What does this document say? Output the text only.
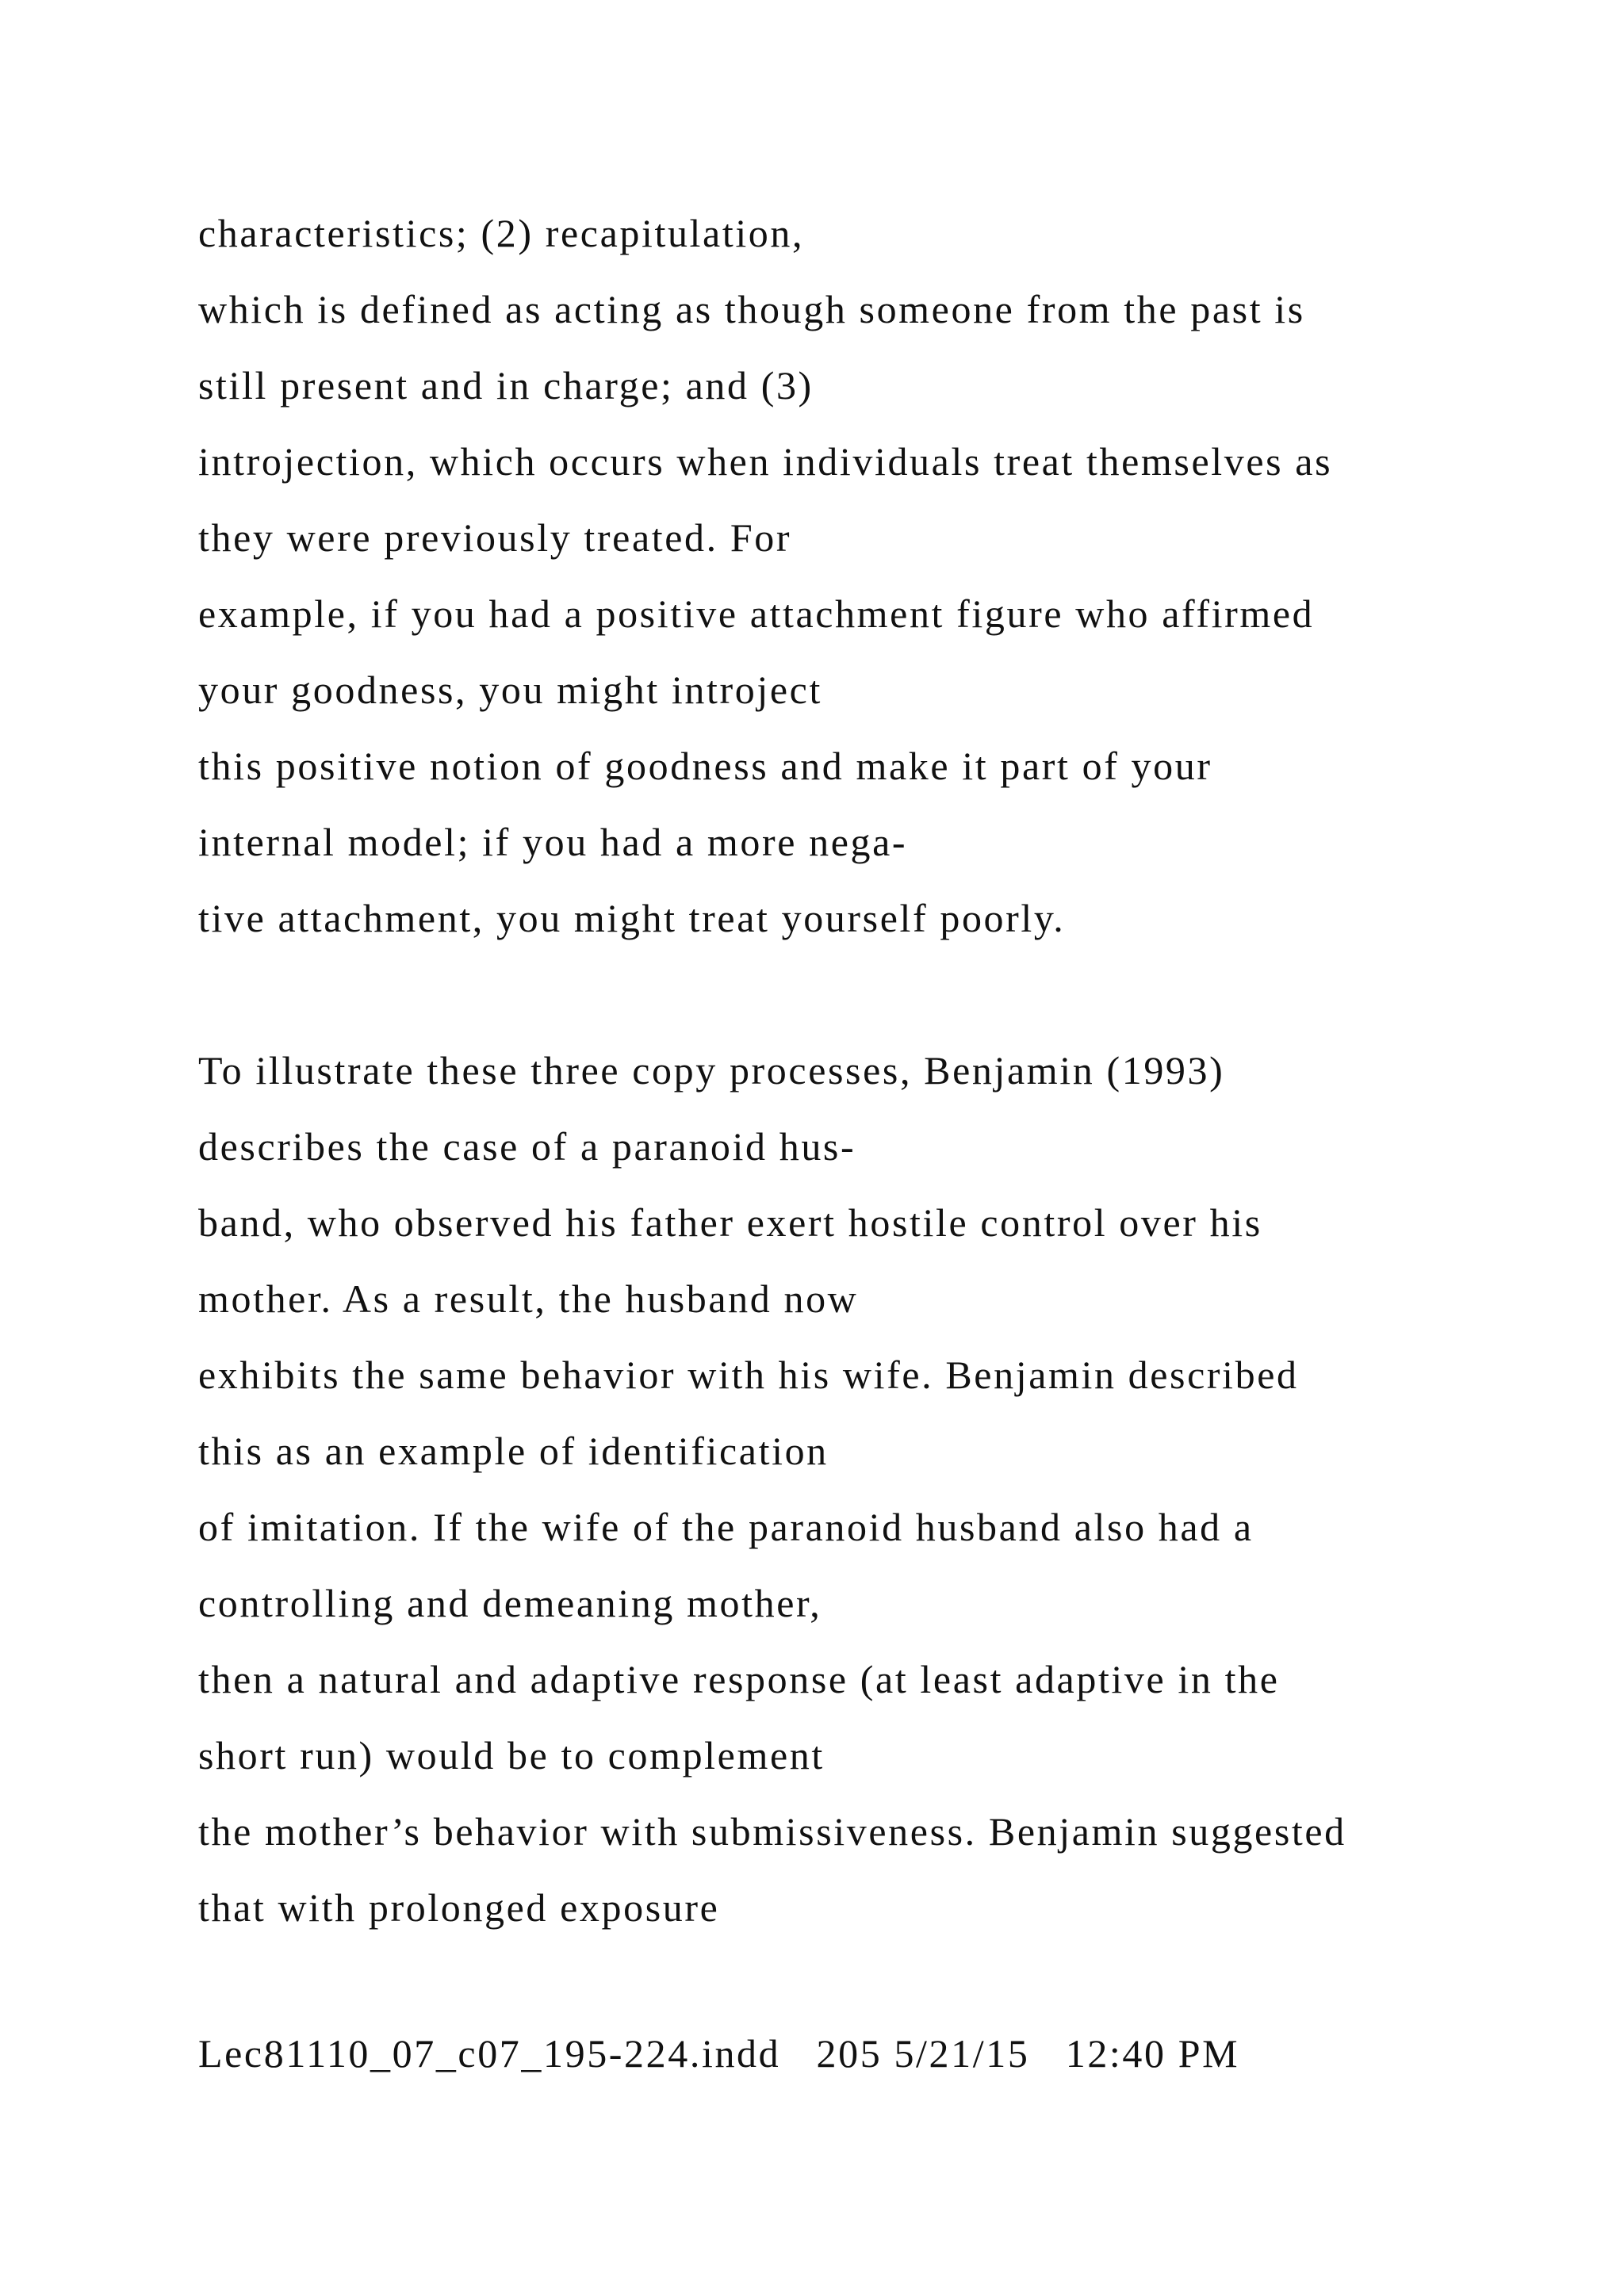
characteristics; (2) recapitulation,
which is defined as acting as though someone from the past is
still present and in charge; and (3)
introjection, which occurs when individuals treat themselves as
they were previously treated. For
example, if you had a positive attachment figure who affirmed
your goodness, you might introject
this positive notion of goodness and make it part of your
internal model; if you had a more nega-
tive attachment, you might treat yourself poorly.
To illustrate these three copy processes, Benjamin (1993)
describes the case of a paranoid hus-
band, who observed his father exert hostile control over his
mother. As a result, the husband now
exhibits the same behavior with his wife. Benjamin described
this as an example of identification
of imitation. If the wife of the paranoid husband also had a
controlling and demeaning mother,
then a natural and adaptive response (at least adaptive in the
short run) would be to complement
the mother’s behavior with submissiveness. Benjamin suggested
that with prolonged exposure
Lec81110_07_c07_195-224.indd   205 5/21/15   12:40 PM
